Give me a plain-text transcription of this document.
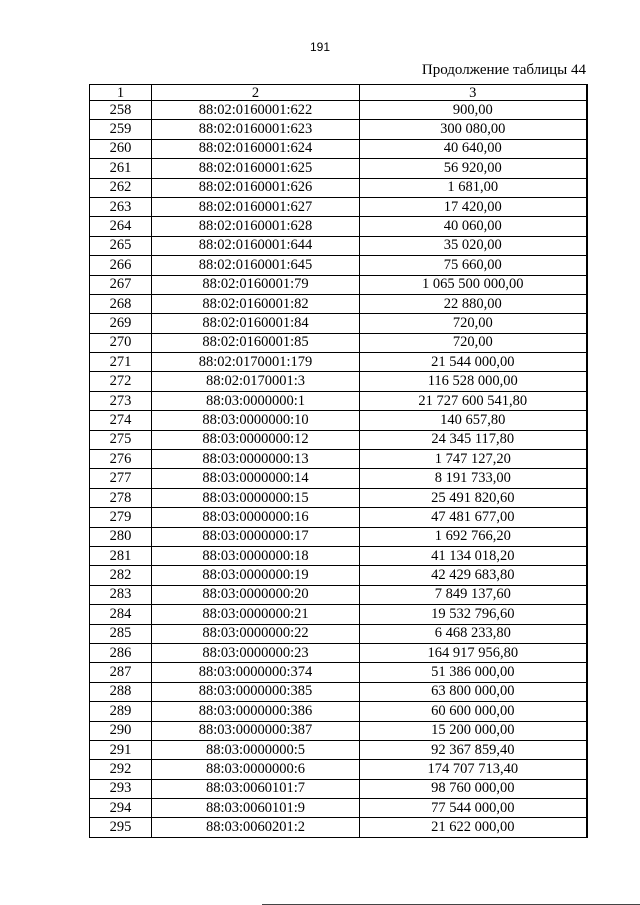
191
Продолжение таблицы 44
1	2	3
258	88:02:0160001:622	900,00
259	88:02:0160001:623	300 080,00
260	88:02:0160001:624	40 640,00
261	88:02:0160001:625	56 920,00
262	88:02:0160001:626	1 681,00
263	88:02:0160001:627	17 420,00
264	88:02:0160001:628	40 060,00
265	88:02:0160001:644	35 020,00
266	88:02:0160001:645	75 660,00
267	88:02:0160001:79	1 065 500 000,00
268	88:02:0160001:82	22 880,00
269	88:02:0160001:84	720,00
270	88:02:0160001:85	720,00
271	88:02:0170001:179	21 544 000,00
272	88:02:0170001:3	116 528 000,00
273	88:03:0000000:1	21 727 600 541,80
274	88:03:0000000:10	140 657,80
275	88:03:0000000:12	24 345 117,80
276	88:03:0000000:13	1 747 127,20
277	88:03:0000000:14	8 191 733,00
278	88:03:0000000:15	25 491 820,60
279	88:03:0000000:16	47 481 677,00
280	88:03:0000000:17	1 692 766,20
281	88:03:0000000:18	41 134 018,20
282	88:03:0000000:19	42 429 683,80
283	88:03:0000000:20	7 849 137,60
284	88:03:0000000:21	19 532 796,60
285	88:03:0000000:22	6 468 233,80
286	88:03:0000000:23	164 917 956,80
287	88:03:0000000:374	51 386 000,00
288	88:03:0000000:385	63 800 000,00
289	88:03:0000000:386	60 600 000,00
290	88:03:0000000:387	15 200 000,00
291	88:03:0000000:5	92 367 859,40
292	88:03:0000000:6	174 707 713,40
293	88:03:0060101:7	98 760 000,00
294	88:03:0060101:9	77 544 000,00
295	88:03:0060201:2	21 622 000,00
